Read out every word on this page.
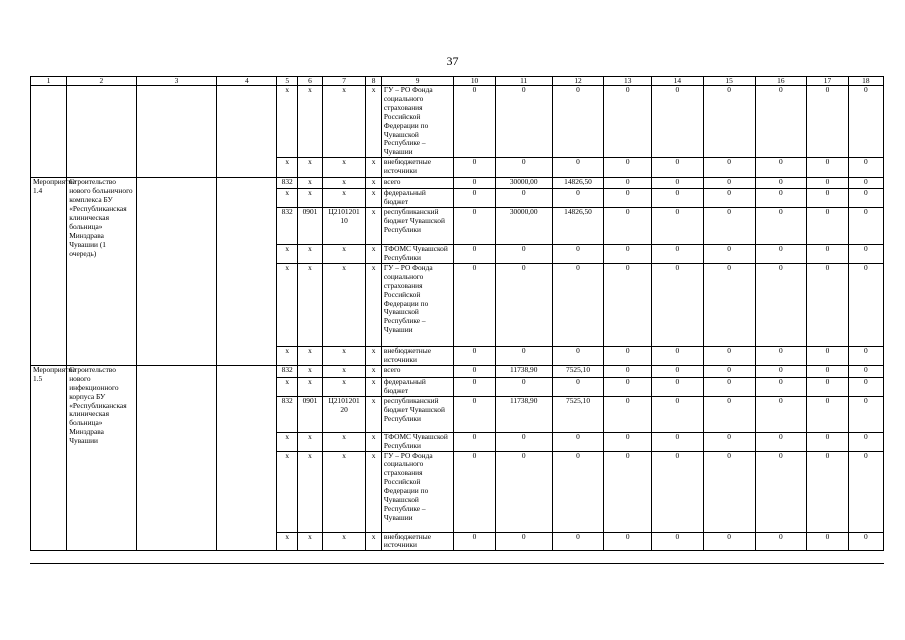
37
1	2	3	4	5	6	7	8	9	10	11	12	13	14	15	16	17	18
				х	х	х	х	ГУ – РО Фонда социального страхования Российской Федерации по Чувашской Республике – Чувашии	0	0	0	0	0	0	0	0	0
				х	х	х	х	внебюджетные источники	0	0	0	0	0	0	0	0	0
Мероприятие 1.4	Строительство нового больничного комплекса БУ «Республиканская клиническая больница» Минздрава Чувашии (1 очередь)			832	х	х	х	всего	0	30000,00	14826,50	0	0	0	0	0	0
				х	х	х	х	федеральный бюджет	0	0	0	0	0	0	0	0	0
				832	0901	Ц2101201 10	х	республиканский бюджет Чувашской Республики	0	30000,00	14826,50	0	0	0	0	0	0
				х	х	х	х	ТФОМС Чувашской Республики	0	0	0	0	0	0	0	0	0
				х	х	х	х	ГУ – РО Фонда социального страхования Российской Федерации по Чувашской Республике – Чувашии	0	0	0	0	0	0	0	0	0
				х	х	х	х	внебюджетные источники	0	0	0	0	0	0	0	0	0
Мероприятие 1.5	Строительство нового инфекционного корпуса БУ «Республиканская клиническая больница» Минздрава Чувашии			832	х	х	х	всего	0	11738,90	7525,10	0	0	0	0	0	0
				х	х	х	х	федеральный бюджет	0	0	0	0	0	0	0	0	0
				832	0901	Ц2101201 20	х	республиканский бюджет Чувашской Республики	0	11738,90	7525,10	0	0	0	0	0	0
				х	х	х	х	ТФОМС Чувашской Республики	0	0	0	0	0	0	0	0	0
				х	х	х	х	ГУ – РО Фонда социального страхования Российской Федерации по Чувашской Республике – Чувашии	0	0	0	0	0	0	0	0	0
				х	х	х	х	внебюджетные источники	0	0	0	0	0	0	0	0	0
